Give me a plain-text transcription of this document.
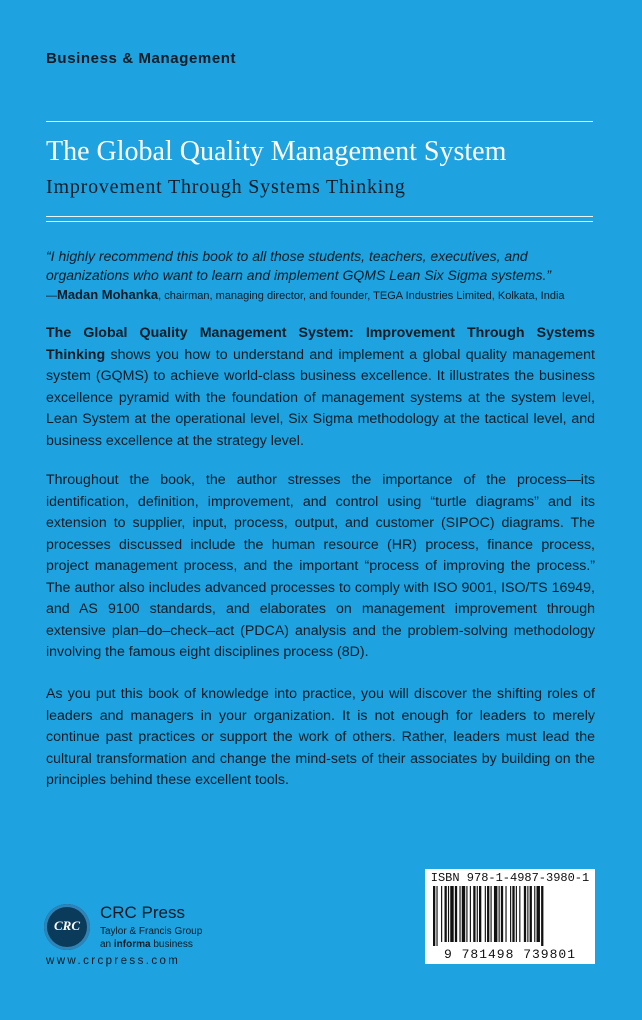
Business & Management
The Global Quality Management System
Improvement Through Systems Thinking
“I highly recommend this book to all those students, teachers, executives, and organizations who want to learn and implement GQMS Lean Six Sigma systems.”
—Madan Mohanka, chairman, managing director, and founder, TEGA Industries Limited, Kolkata, India
The Global Quality Management System: Improvement Through Systems Thinking shows you how to understand and implement a global quality management system (GQMS) to achieve world-class business excellence. It illustrates the business excellence pyramid with the foundation of management systems at the system level, Lean System at the operational level, Six Sigma methodology at the tactical level, and business excellence at the strategy level.
Throughout the book, the author stresses the importance of the process—its identification, definition, improvement, and control using “turtle diagrams” and its extension to supplier, input, process, output, and customer (SIPOC) diagrams. The processes discussed include the human resource (HR) process, finance process, project management process, and the important “process of improving the process.” The author also includes advanced processes to comply with ISO 9001, ISO/TS 16949, and AS 9100 standards, and elaborates on management improvement through extensive plan–do–check–act (PDCA) analysis and the problem-solving methodology involving the famous eight disciplines process (8D).
As you put this book of knowledge into practice, you will discover the shifting roles of leaders and managers in your organization. It is not enough for leaders to merely continue past practices or support the work of others. Rather, leaders must lead the cultural transformation and change the mind-sets of their associates by building on the principles behind these excellent tools.
CRC
CRC Press
Taylor & Francis Group
an informa business
www.crcpress.com
ISBN 978-1-4987-3980-1
9 781498 739801
